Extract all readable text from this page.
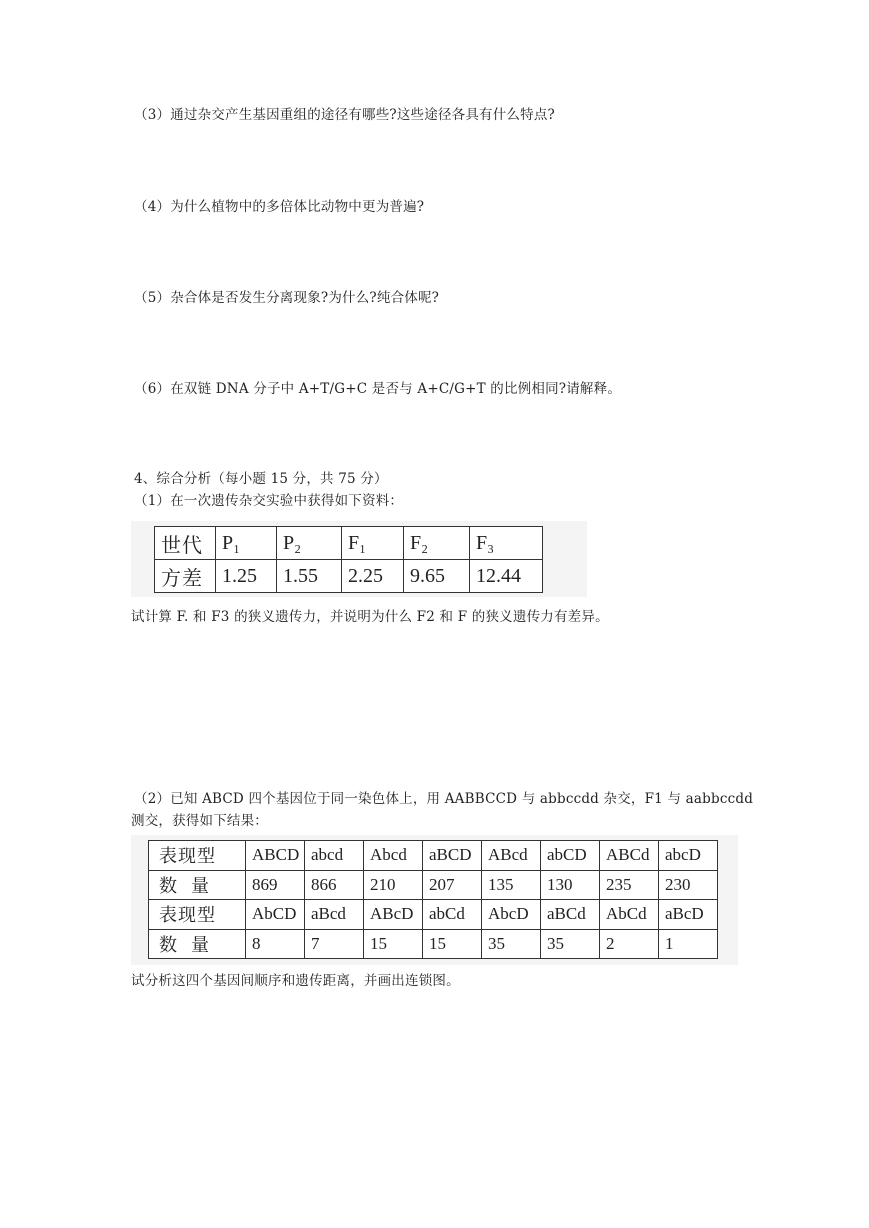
（3）通过杂交产生基因重组的途径有哪些?这些途径各具有什么特点?
（4）为什么植物中的多倍体比动物中更为普遍?
（5）杂合体是否发生分离现象?为什么?纯合体呢?
（6）在双链 DNA 分子中 A+T/G+C 是否与 A+C/G+T 的比例相同?请解释。
4、综合分析（每小题 15 分，共 75 分）
（1）在一次遗传杂交实验中获得如下资料：
世代	P₁	P₂	F₁	F₂	F₃
方差	1.25	1.55	2.25	9.65	12.44
试计算 F. 和 F3 的狭义遗传力，并说明为什么 F2 和 F 的狭义遗传力有差异。
（2）已知 ABCD 四个基因位于同一染色体上，用 AABBCCD 与 abbccdd 杂交，F1 与 aabbccdd
测交，获得如下结果：
表现型	ABCD	abcd	Abcd	aBCD	ABcd	abCD	ABCd	abcD
数量	869	866	210	207	135	130	235	230
表现型	AbCD	aBcd	ABcD	abCd	AbcD	aBCd	AbCd	aBcD
数量	8	7	15	15	35	35	2	1
试分析这四个基因间顺序和遗传距离，并画出连锁图。
